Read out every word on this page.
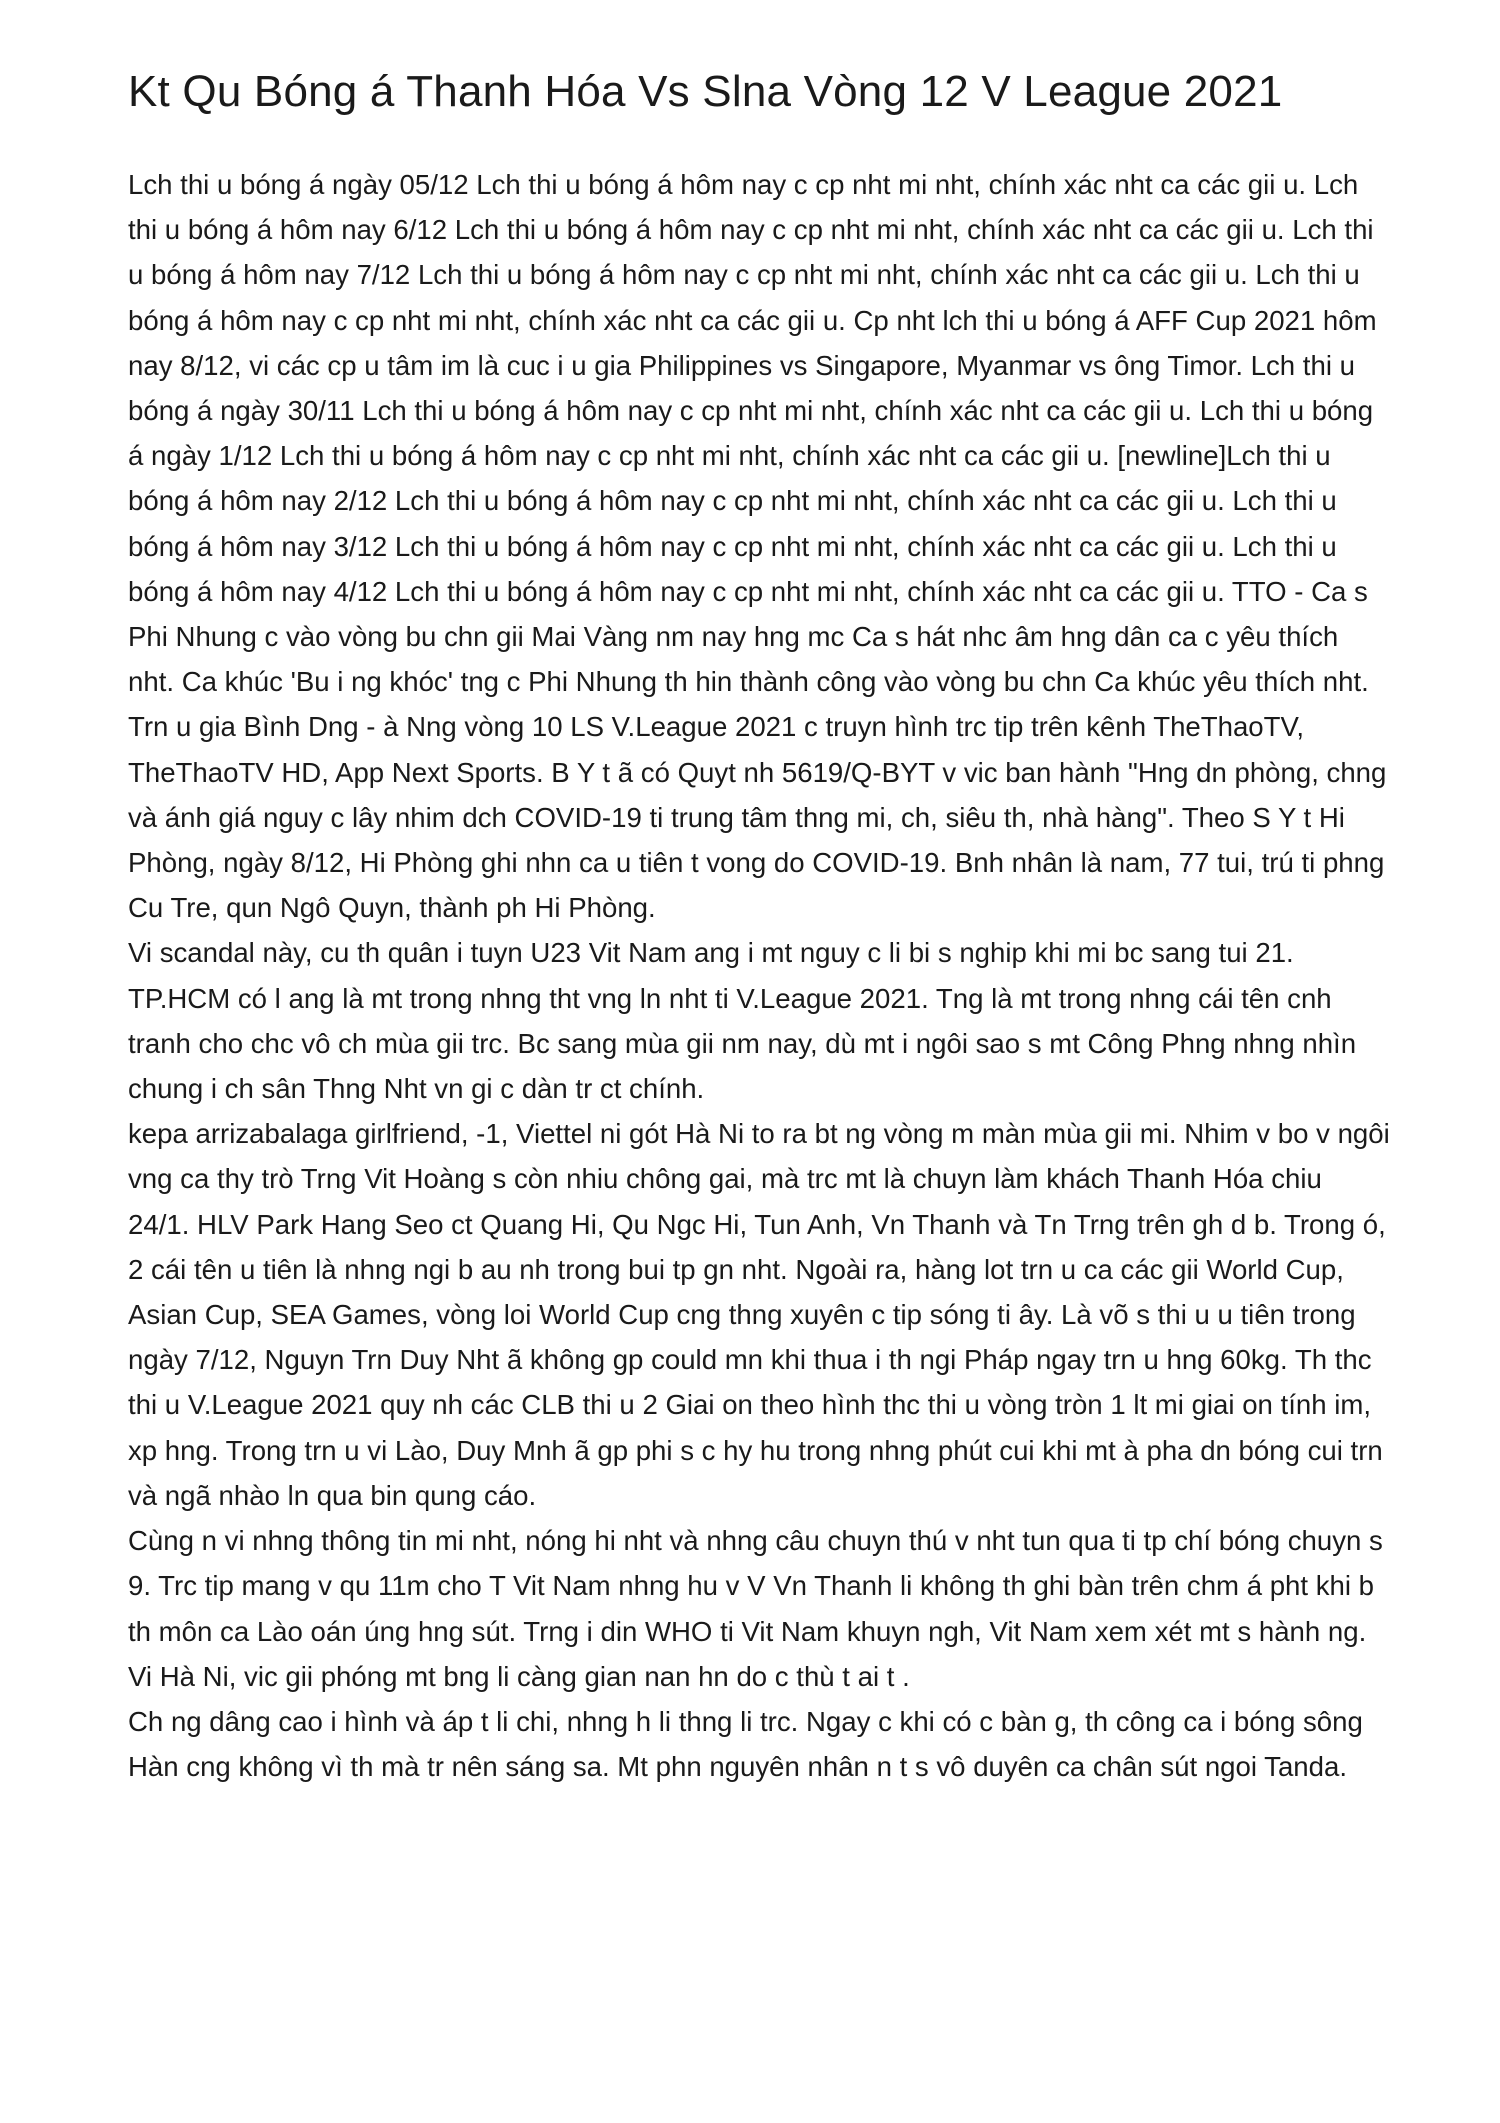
Kt Qu Bóng á Thanh Hóa Vs Slna Vòng 12 V League 2021

Lch thi u bóng á ngày 05/12 Lch thi u bóng á hôm nay c cp nht mi nht, chính xác nht ca các gii u. Lch thi u bóng á hôm nay 6/12 Lch thi u bóng á hôm nay c cp nht mi nht, chính xác nht ca các gii u. Lch thi u bóng á hôm nay 7/12 Lch thi u bóng á hôm nay c cp nht mi nht, chính xác nht ca các gii u. Lch thi u bóng á hôm nay c cp nht mi nht, chính xác nht ca các gii u. Cp nht lch thi u bóng á AFF Cup 2021 hôm nay 8/12, vi các cp u tâm im là cuc i u gia Philippines vs Singapore, Myanmar vs ông Timor. Lch thi u bóng á ngày 30/11 Lch thi u bóng á hôm nay c cp nht mi nht, chính xác nht ca các gii u. Lch thi u bóng á ngày 1/12 Lch thi u bóng á hôm nay c cp nht mi nht, chính xác nht ca các gii u. [newline]Lch thi u bóng á hôm nay 2/12 Lch thi u bóng á hôm nay c cp nht mi nht, chính xác nht ca các gii u. Lch thi u bóng á hôm nay 3/12 Lch thi u bóng á hôm nay c cp nht mi nht, chính xác nht ca các gii u. Lch thi u bóng á hôm nay 4/12 Lch thi u bóng á hôm nay c cp nht mi nht, chính xác nht ca các gii u. TTO - Ca s Phi Nhung c vào vòng bu chn gii Mai Vàng nm nay hng mc Ca s hát nhc âm hng dân ca c yêu thích nht. Ca khúc 'Bu i ng khóc' tng c Phi Nhung th hin thành công vào vòng bu chn Ca khúc yêu thích nht. Trn u gia Bình Dng - à Nng vòng 10 LS V.League 2021 c truyn hình trc tip trên kênh TheThaoTV, TheThaoTV HD, App Next Sports. B Y t ã có Quyt nh 5619/Q-BYT v vic ban hành "Hng dn phòng, chng và ánh giá nguy c lây nhim dch COVID-19 ti trung tâm thng mi, ch, siêu th, nhà hàng". Theo S Y t Hi Phòng, ngày 8/12, Hi Phòng ghi nhn ca u tiên t vong do COVID-19. Bnh nhân là nam, 77 tui, trú ti phng Cu Tre, qun Ngô Quyn, thành ph Hi Phòng.

Vi scandal này, cu th quân i tuyn U23 Vit Nam ang i mt nguy c li bi s nghip khi mi bc sang tui 21. TP.HCM có l ang là mt trong nhng tht vng ln nht ti V.League 2021. Tng là mt trong nhng cái tên cnh tranh cho chc vô ch mùa gii trc. Bc sang mùa gii nm nay, dù mt i ngôi sao s mt Công Phng nhng nhìn chung i ch sân Thng Nht vn gi c dàn tr ct chính.

kepa arrizabalaga girlfriend, -1, Viettel ni gót Hà Ni to ra bt ng vòng m màn mùa gii mi. Nhim v bo v ngôi vng ca thy trò Trng Vit Hoàng s còn nhiu chông gai, mà trc mt là chuyn làm khách Thanh Hóa chiu 24/1. HLV Park Hang Seo ct Quang Hi, Qu Ngc Hi, Tun Anh, Vn Thanh và Tn Trng trên gh d b. Trong ó, 2 cái tên u tiên là nhng ngi b au nh trong bui tp gn nht. Ngoài ra, hàng lot trn u ca các gii World Cup, Asian Cup, SEA Games, vòng loi World Cup cng thng xuyên c tip sóng ti ây. Là võ s thi u u tiên trong ngày 7/12, Nguyn Trn Duy Nht ã không gp could mn khi thua i th ngi Pháp ngay trn u hng 60kg. Th thc thi u V.League 2021 quy nh các CLB thi u 2 Giai on theo hình thc thi u vòng tròn 1 lt mi giai on tính im, xp hng. Trong trn u vi Lào, Duy Mnh ã gp phi s c hy hu trong nhng phút cui khi mt à pha dn bóng cui trn và ngã nhào ln qua bin qung cáo.

Cùng n vi nhng thông tin mi nht, nóng hi nht và nhng câu chuyn thú v nht tun qua ti tp chí bóng chuyn s 9. Trc tip mang v qu 11m cho T Vit Nam nhng hu v V Vn Thanh li không th ghi bàn trên chm á pht khi b th môn ca Lào oán úng hng sút. Trng i din WHO ti Vit Nam khuyn ngh, Vit Nam xem xét mt s hành ng. Vi Hà Ni, vic gii phóng mt bng li càng gian nan hn do c thù t ai t .

Ch ng dâng cao i hình và áp t li chi, nhng h li thng li trc. Ngay c khi có c bàn g, th công ca i bóng sông Hàn cng không vì th mà tr nên sáng sa. Mt phn nguyên nhân n t s vô duyên ca chân sút ngoi Tanda.
